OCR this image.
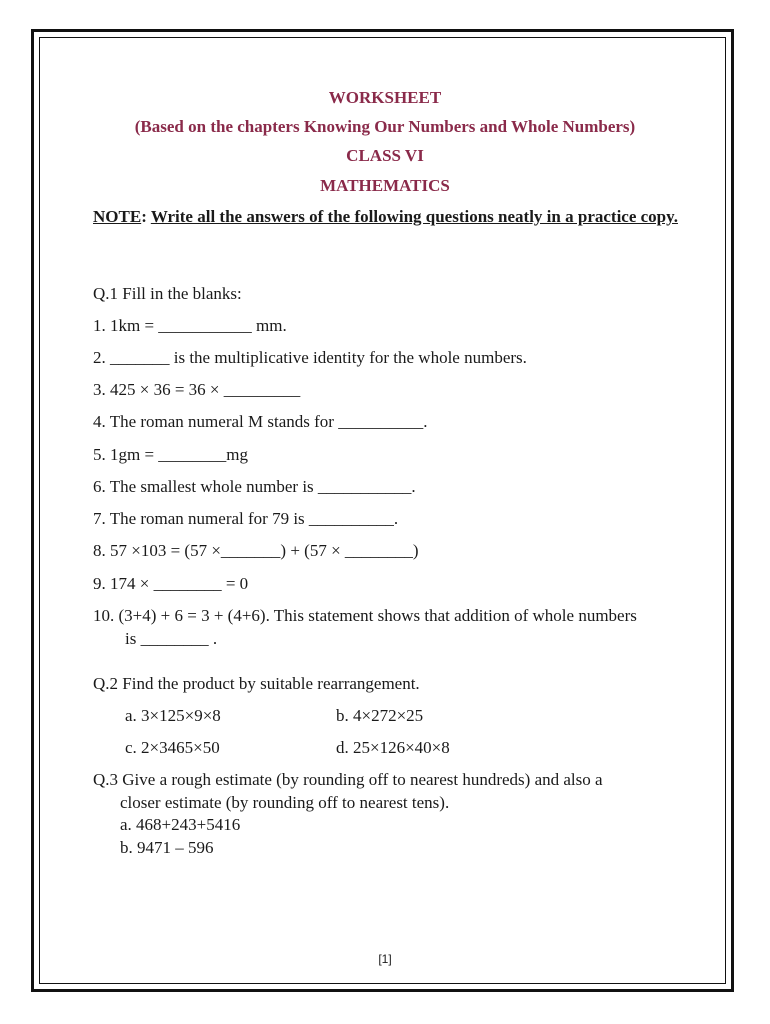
WORKSHEET
(Based on the chapters Knowing Our Numbers and Whole Numbers)
CLASS VI
MATHEMATICS
NOTE: Write all the answers of the following questions neatly in a practice copy.
Q.1 Fill in the blanks:
1. 1km = ___________ mm.
2. _______ is the multiplicative identity for the whole numbers.
3. 425 × 36 = 36 × _________
4. The roman numeral M stands for __________.
5. 1gm = ________mg
6. The smallest whole number is ___________.
7. The roman numeral for 79 is __________.
8. 57 ×103 = (57 ×_______) + (57 × ________)
9. 174 × ________ = 0
10. (3+4) + 6 = 3 + (4+6). This statement shows that addition of whole numbers
is ________ .
Q.2 Find the product by suitable rearrangement.
a. 3×125×9×8	b. 4×272×25
c. 2×3465×50	d. 25×126×40×8
Q.3 Give a rough estimate (by rounding off to nearest hundreds) and also a
closer estimate (by rounding off to nearest tens).
a. 468+243+5416
b. 9471 – 596
[1]
